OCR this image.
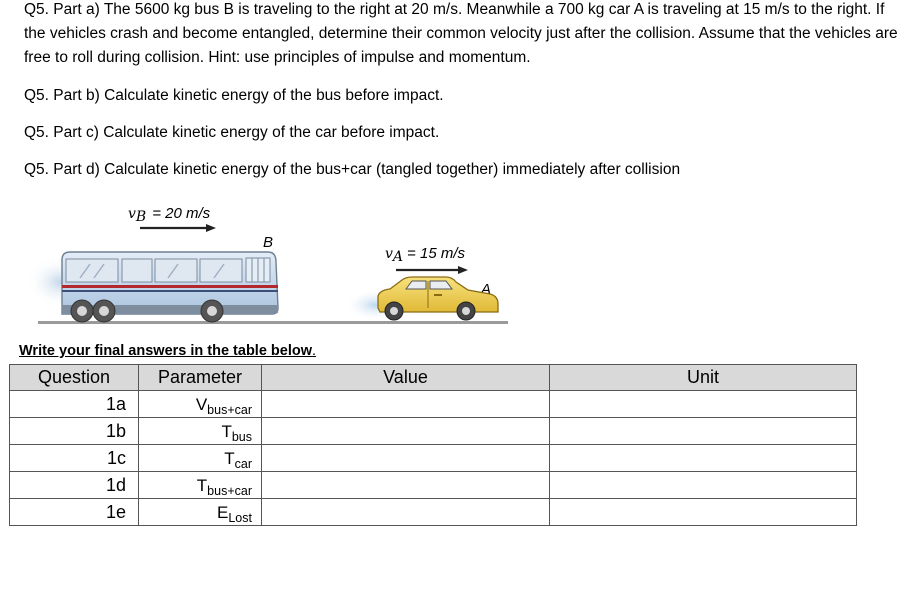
Q5. Part a) The 5600 kg bus B is traveling to the right at 20 m/s. Meanwhile a 700 kg car A is traveling at 15 m/s to the right. If the vehicles crash and become entangled, determine their common velocity just after the collision. Assume that the vehicles are free to roll during collision. Hint: use principles of impulse and momentum.
Q5. Part b) Calculate kinetic energy of the bus before impact.
Q5. Part c) Calculate kinetic energy of the car before impact.
Q5. Part d) Calculate kinetic energy of the bus+car (tangled together) immediately after collision
vB = 20 m/s
B
vA = 15 m/s
A
Write your final answers in the table below.
Question	Parameter	Value	Unit
1a	$V_{bus+car}$		
1b	$T_{bus}$		
1c	$T_{car}$		
1d	$T_{bus+car}$		
1e	$E_{Lost}$		
